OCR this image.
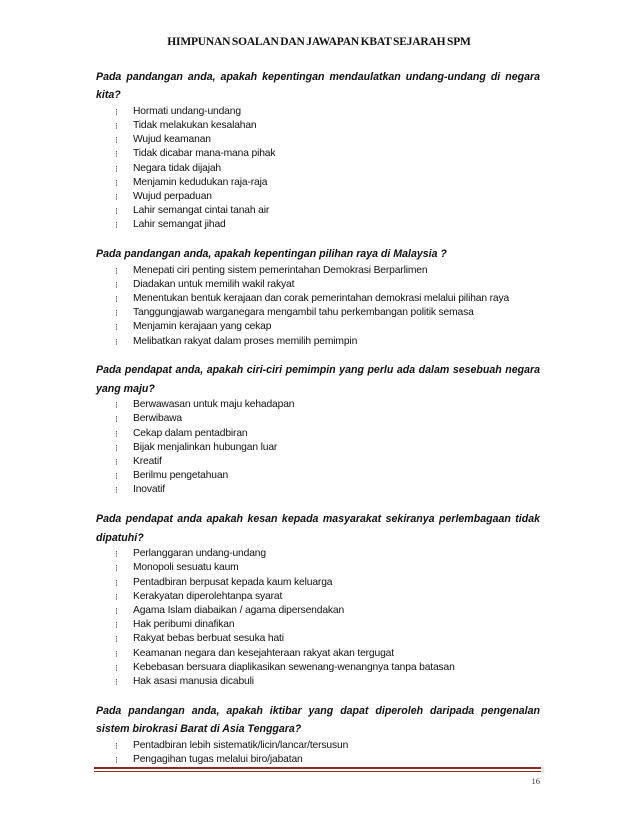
HIMPUNAN SOALAN DAN JAWAPAN KBAT SEJARAH SPM

Pada pandangan anda, apakah kepentingan mendaulatkan undang-undang di negara kita?

⁝ Hormati undang-undang
⁝ Tidak melakukan kesalahan
⁝ Wujud keamanan
⁝ Tidak dicabar mana-mana pihak
⁝ Negara tidak dijajah
⁝ Menjamin kedudukan raja-raja
⁝ Wujud perpaduan
⁝ Lahir semangat cintai tanah air
⁝ Lahir semangat jihad

Pada pandangan anda, apakah kepentingan pilihan raya di Malaysia ?

⁝ Menepati ciri penting sistem pemerintahan Demokrasi Berparlimen
⁝ Diadakan untuk memilih wakil rakyat
⁝ Menentukan bentuk kerajaan dan corak pemerintahan demokrasi melalui pilihan raya
⁝ Tanggungjawab warganegara mengambil tahu perkembangan politik semasa
⁝ Menjamin kerajaan yang cekap
⁝ Melibatkan rakyat dalam proses memilih pemimpin

Pada pendapat anda, apakah ciri-ciri pemimpin yang perlu ada dalam sesebuah negara yang maju?

⁝ Berwawasan untuk maju kehadapan
⁝ Berwibawa
⁝ Cekap dalam pentadbiran
⁝ Bijak menjalinkan hubungan luar
⁝ Kreatif
⁝ Berilmu pengetahuan
⁝ Inovatif

Pada pendapat anda apakah kesan kepada masyarakat sekiranya perlembagaan tidak dipatuhi?

⁝ Perlanggaran undang-undang
⁝ Monopoli sesuatu kaum
⁝ Pentadbiran berpusat kepada kaum keluarga
⁝ Kerakyatan diperolehtanpa syarat
⁝ Agama Islam diabaikan / agama dipersendakan
⁝ Hak peribumi dinafikan
⁝ Rakyat bebas berbuat sesuka hati
⁝ Keamanan negara dan kesejahteraan rakyat akan tergugat
⁝ Kebebasan bersuara diaplikasikan sewenang-wenangnya tanpa batasan
⁝ Hak asasi manusia dicabuli

Pada pandangan anda, apakah iktibar yang dapat diperoleh daripada pengenalan sistem birokrasi Barat di Asia Tenggara?

⁝ Pentadbiran lebih sistematik/licin/lancar/tersusun
⁝ Pengagihan tugas melalui biro/jabatan
16
